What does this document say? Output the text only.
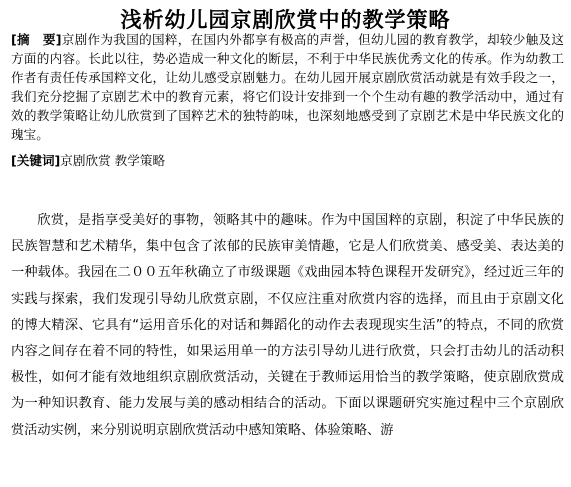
浅析幼儿园京剧欣赏中的教学策略
[摘　要]京剧作为我国的国粹，在国内外都享有极高的声誉，但幼儿园的教育教学，却较少触及这方面的内容。长此以往，势必造成一种文化的断层，不利于中华民族优秀文化的传承。作为幼教工作者有责任传承国粹文化，让幼儿感受京剧魅力。在幼儿园开展京剧欣赏活动就是有效手段之一，我们充分挖掘了京剧艺术中的教育元素，将它们设计安排到一个个生动有趣的教学活动中，通过有效的教学策略让幼儿欣赏到了国粹艺术的独特韵味，也深刻地感受到了京剧艺术是中华民族文化的瑰宝。
[关键词]京剧欣赏 教学策略
欣赏，是指享受美好的事物，领略其中的趣味。作为中国国粹的京剧，积淀了中华民族的民族智慧和艺术精华，集中包含了浓郁的民族审美情趣，它是人们欣赏美、感受美、表达美的一种载体。我园在二００五年秋确立了市级课题《戏曲园本特色课程开发研究》，经过近三年的实践与探索，我们发现引导幼儿欣赏京剧，不仅应注重对欣赏内容的选择，而且由于京剧文化的博大精深、它具有“运用音乐化的对话和舞蹈化的动作去表现现实生活”的特点，不同的欣赏内容之间存在着不同的特性，如果运用单一的方法引导幼儿进行欣赏，只会打击幼儿的活动积极性，如何才能有效地组织京剧欣赏活动，关键在于教师运用恰当的教学策略，使京剧欣赏成为一种知识教育、能力发展与美的感动相结合的活动。下面以课题研究实施过程中三个京剧欣赏活动实例，来分别说明京剧欣赏活动中感知策略、体验策略、游
